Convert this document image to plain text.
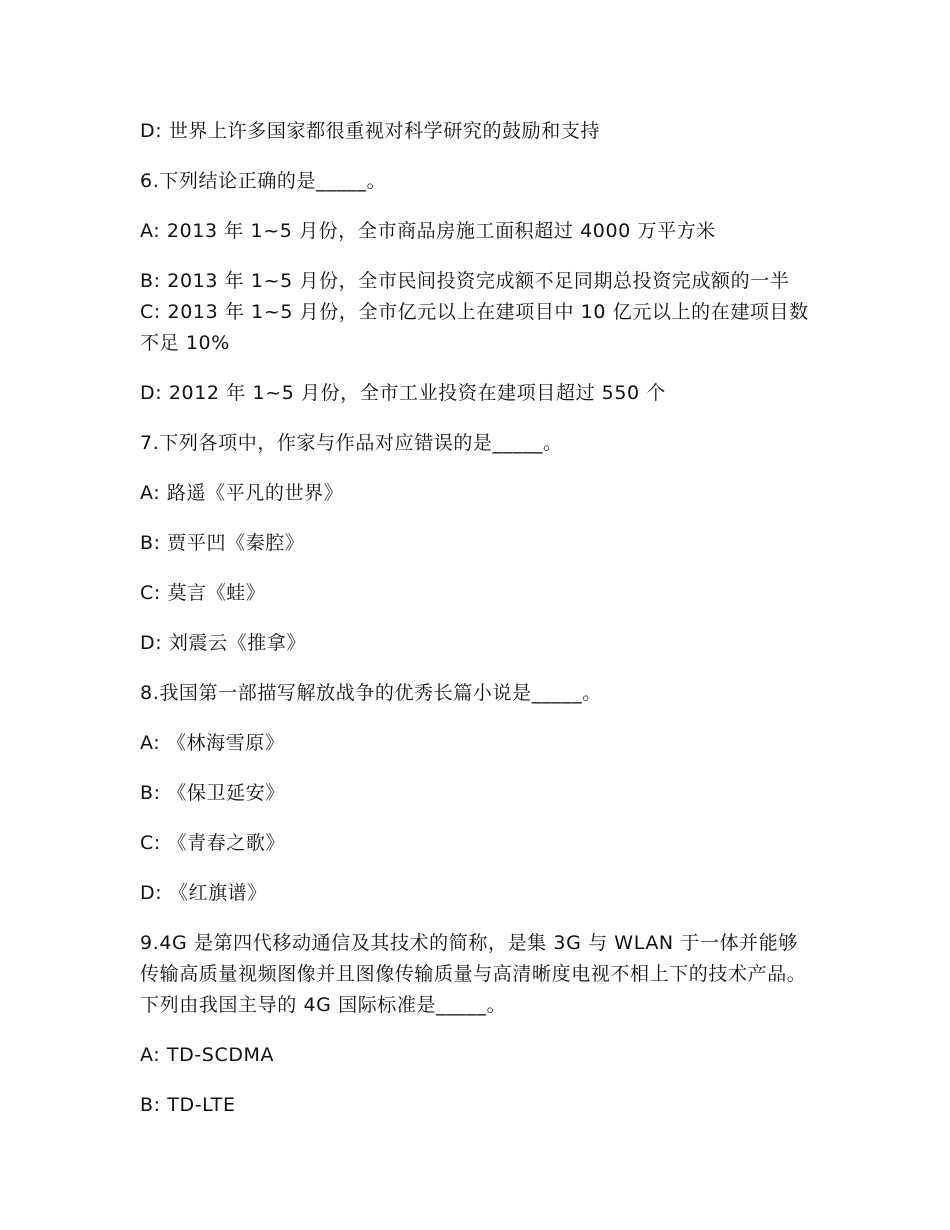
D: 世界上许多国家都很重视对科学研究的鼓励和支持

6.下列结论正确的是_____。

A: 2013 年 1~5 月份，全市商品房施工面积超过 4000 万平方米

B: 2013 年 1~5 月份，全市民间投资完成额不足同期总投资完成额的一半 C: 2013 年 1~5 月份，全市亿元以上在建项目中 10 亿元以上的在建项目数不足 10%

D: 2012 年 1~5 月份，全市工业投资在建项目超过 550 个

7.下列各项中，作家与作品对应错误的是_____。

A: 路遥《平凡的世界》

B: 贾平凹《秦腔》

C: 莫言《蛙》

D: 刘震云《推拿》

8.我国第一部描写解放战争的优秀长篇小说是_____。

A: 《林海雪原》

B: 《保卫延安》

C: 《青春之歌》

D: 《红旗谱》

9.4G 是第四代移动通信及其技术的简称，是集 3G 与 WLAN 于一体并能够传输高质量视频图像并且图像传输质量与高清晰度电视不相上下的技术产品。下列由我国主导的 4G 国际标准是_____。

A: TD-SCDMA

B: TD-LTE
